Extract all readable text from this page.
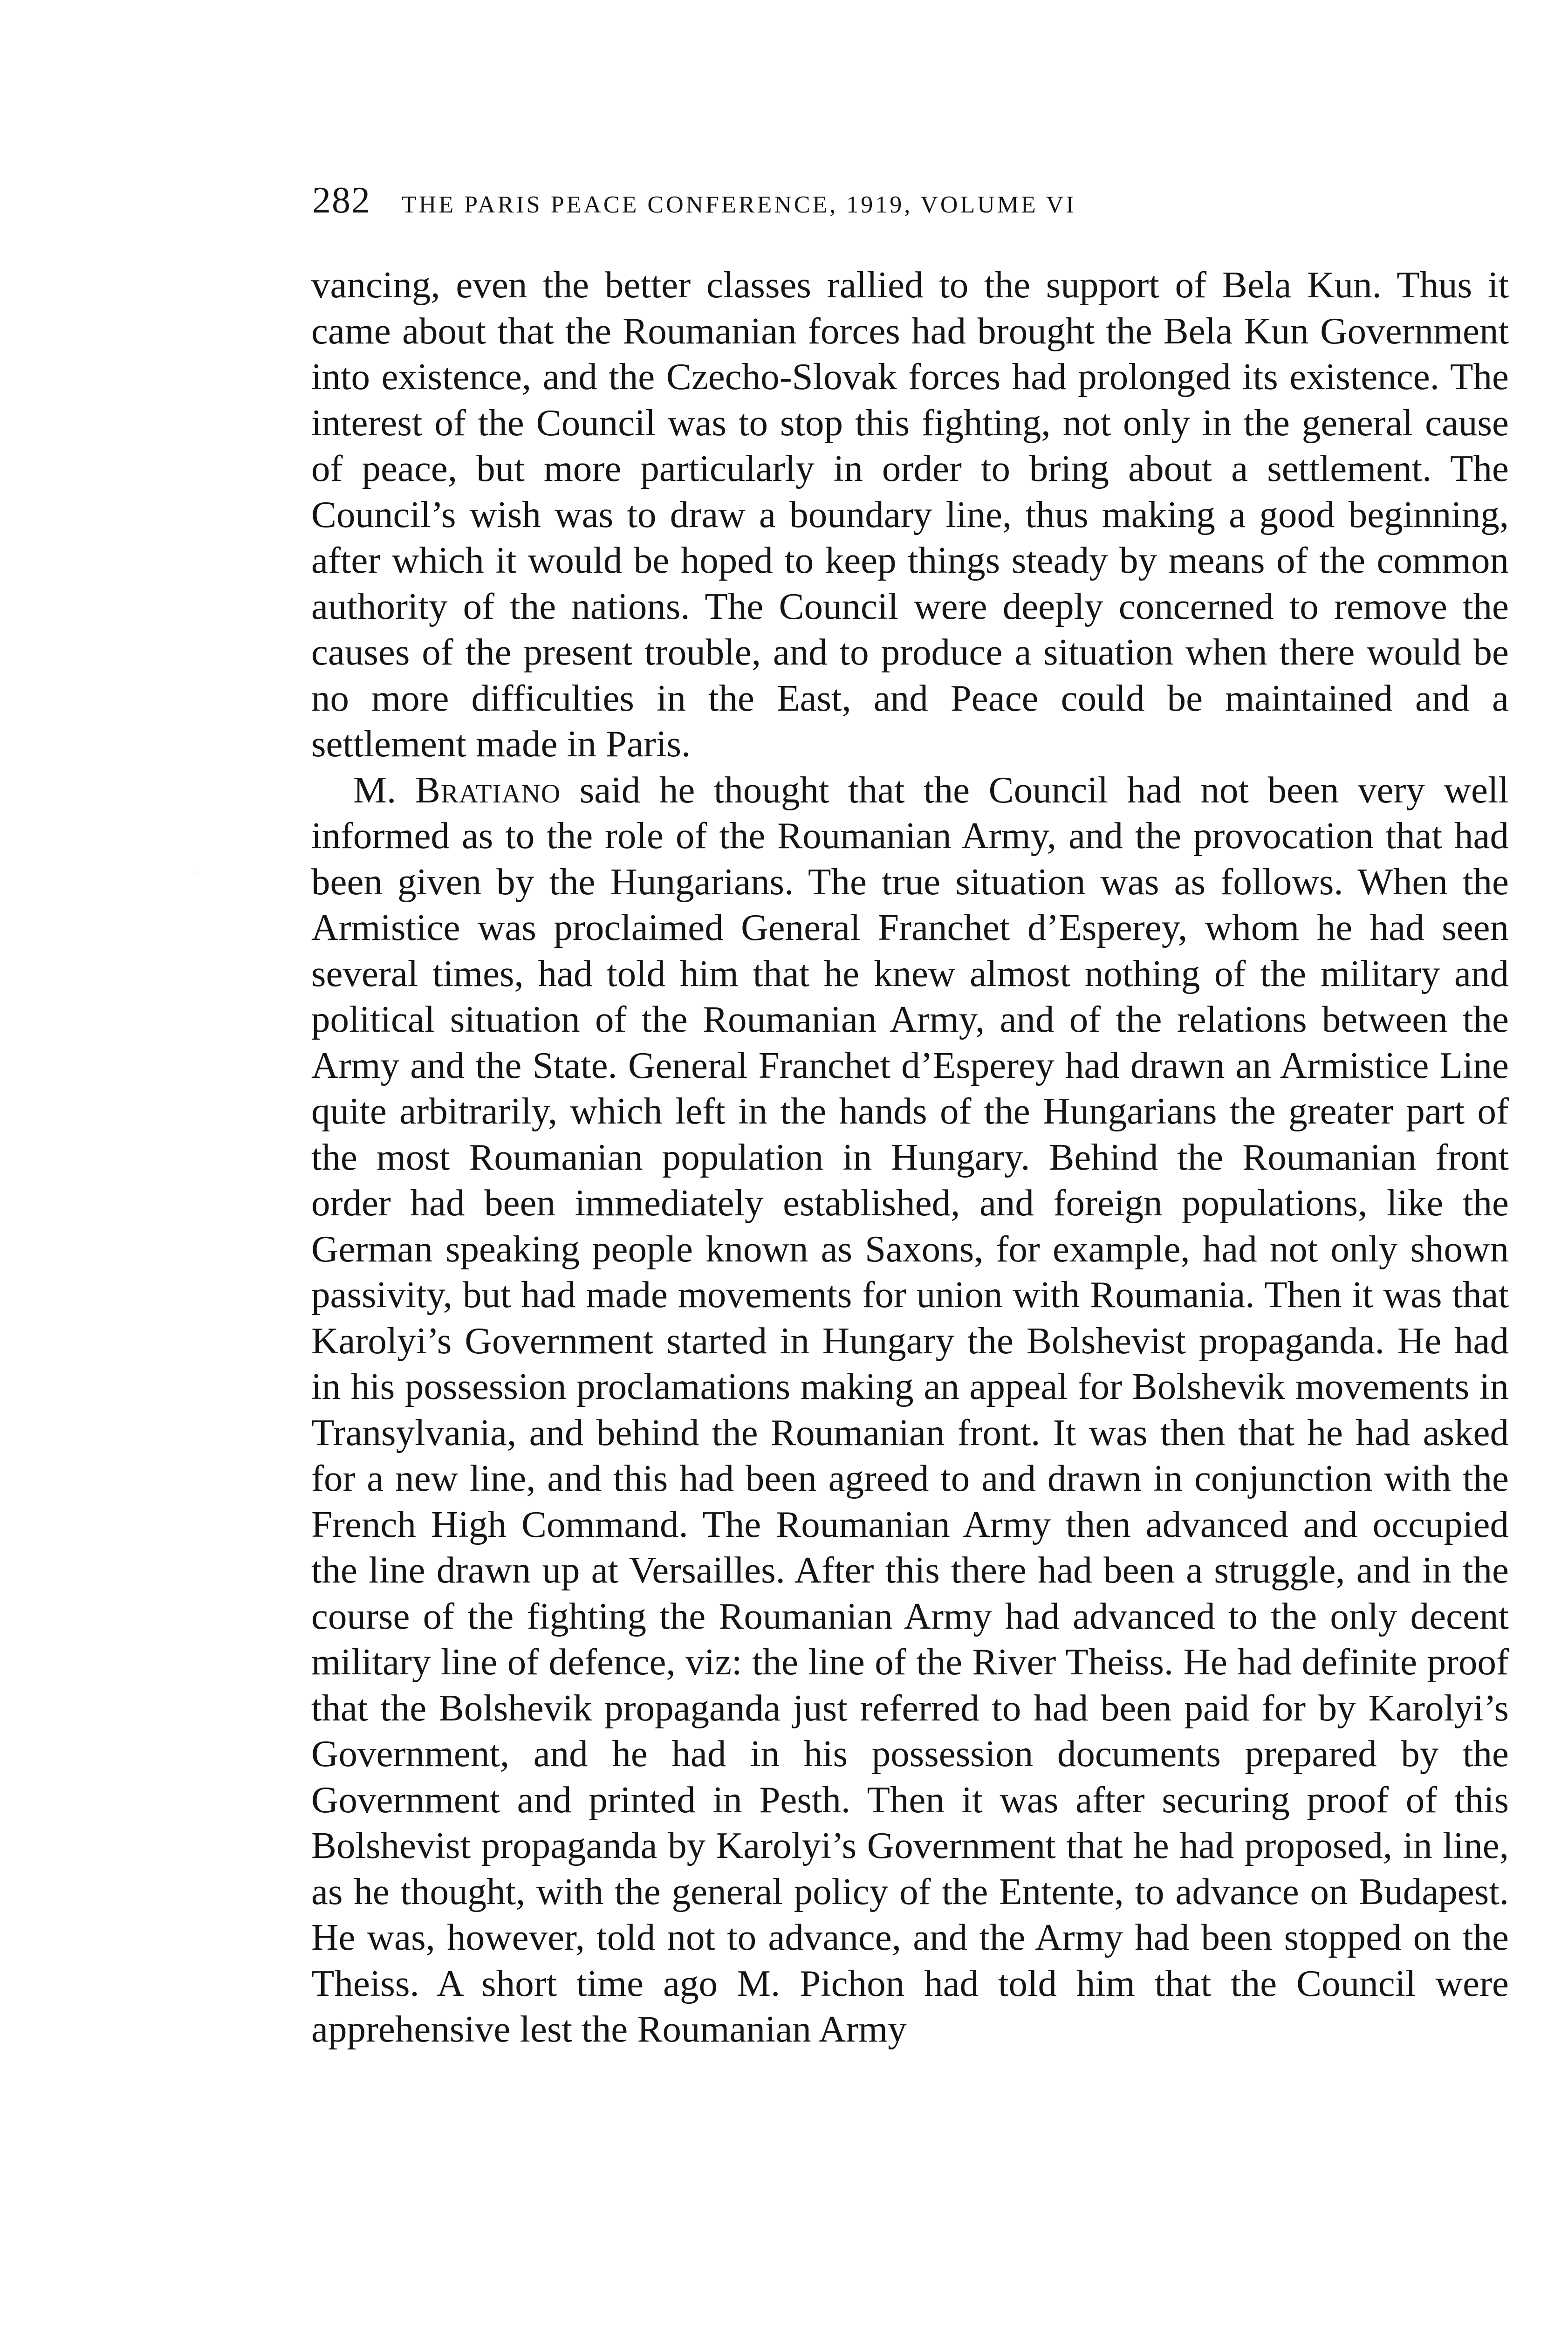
282 THE PARIS PEACE CONFERENCE, 1919, VOLUME VI

vancing, even the better classes rallied to the support of Bela Kun. Thus it came about that the Roumanian forces had brought the Bela Kun Government into existence, and the Czecho-Slovak forces had prolonged its existence. The interest of the Council was to stop this fighting, not only in the general cause of peace, but more particularly in order to bring about a settlement. The Council’s wish was to draw a boundary line, thus making a good beginning, after which it would be hoped to keep things steady by means of the common authority of the nations. The Council were deeply concerned to remove the causes of the present trouble, and to produce a situation when there would be no more difficulties in the East, and Peace could be maintained and a settlement made in Paris.

M. Bratiano said he thought that the Council had not been very well informed as to the role of the Roumanian Army, and the provocation that had been given by the Hungarians. The true situation was as follows. When the Armistice was proclaimed General Franchet d’Esperey, whom he had seen several times, had told him that he knew almost nothing of the military and political situation of the Roumanian Army, and of the relations between the Army and the State. General Franchet d’Esperey had drawn an Armistice Line quite arbitrarily, which left in the hands of the Hungarians the greater part of the most Roumanian population in Hungary. Behind the Roumanian front order had been immediately established, and foreign populations, like the German speaking people known as Saxons, for example, had not only shown passivity, but had made movements for union with Roumania. Then it was that Karolyi’s Government started in Hungary the Bolshevist propaganda. He had in his possession proclamations making an appeal for Bolshevik movements in Transylvania, and behind the Roumanian front. It was then that he had asked for a new line, and this had been agreed to and drawn in conjunction with the French High Command. The Roumanian Army then advanced and occupied the line drawn up at Versailles. After this there had been a struggle, and in the course of the fighting the Roumanian Army had advanced to the only decent military line of defence, viz: the line of the River Theiss. He had definite proof that the Bolshevik propaganda just referred to had been paid for by Karolyi’s Government, and he had in his possession documents prepared by the Government and printed in Pesth. Then it was after securing proof of this Bolshevist propaganda by Karolyi’s Government that he had proposed, in line, as he thought, with the general policy of the Entente, to advance on Budapest. He was, however, told not to advance, and the Army had been stopped on the Theiss. A short time ago M. Pichon had told him that the Council were apprehensive lest the Roumanian Army
